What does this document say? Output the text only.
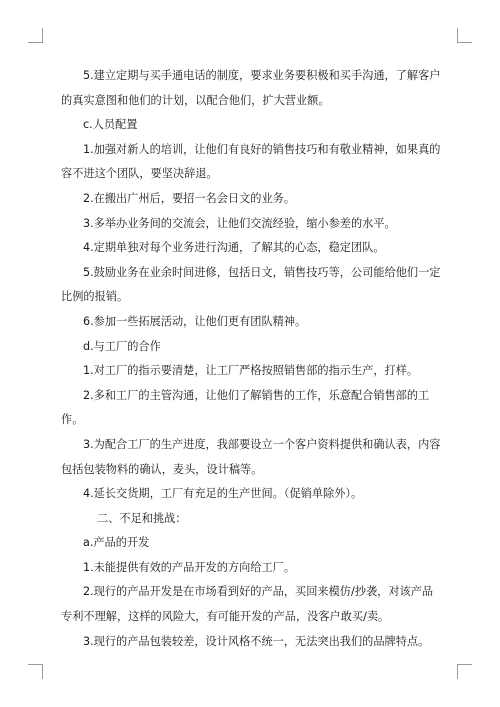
5.建立定期与买手通电话的制度，要求业务要积极和买手沟通，了解客户的真实意图和他们的计划，以配合他们，扩大营业额。

c.人员配置

1.加强对新人的培训，让他们有良好的销售技巧和有敬业精神，如果真的容不进这个团队，要坚决辞退。

2.在搬出广州后，要招一名会日文的业务。

3.多举办业务间的交流会，让他们交流经验，缩小参差的水平。

4.定期单独对每个业务进行沟通，了解其的心态，稳定团队。

5.鼓励业务在业余时间进修，包括日文，销售技巧等，公司能给他们一定比例的报销。

6.参加一些拓展活动，让他们更有团队精神。

d.与工厂的合作

1.对工厂的指示要清楚，让工厂严格按照销售部的指示生产，打样。

2.多和工厂的主管沟通，让他们了解销售的工作，乐意配合销售部的工作。

3.为配合工厂的生产进度，我部要设立一个客户资料提供和确认表，内容包括包装物料的确认，麦头，设计稿等。

4.延长交货期，工厂有充足的生产世间。（促销单除外）。

二、不足和挑战：

a.产品的开发

1.未能提供有效的产品开发的方向给工厂。

2.现行的产品开发是在市场看到好的产品，买回来模仿/抄袭，对该产品专利不理解，这样的风险大，有可能开发的产品，没客户敢买/卖。

3.现行的产品包装较差，设计风格不统一，无法突出我们的品牌特点。
